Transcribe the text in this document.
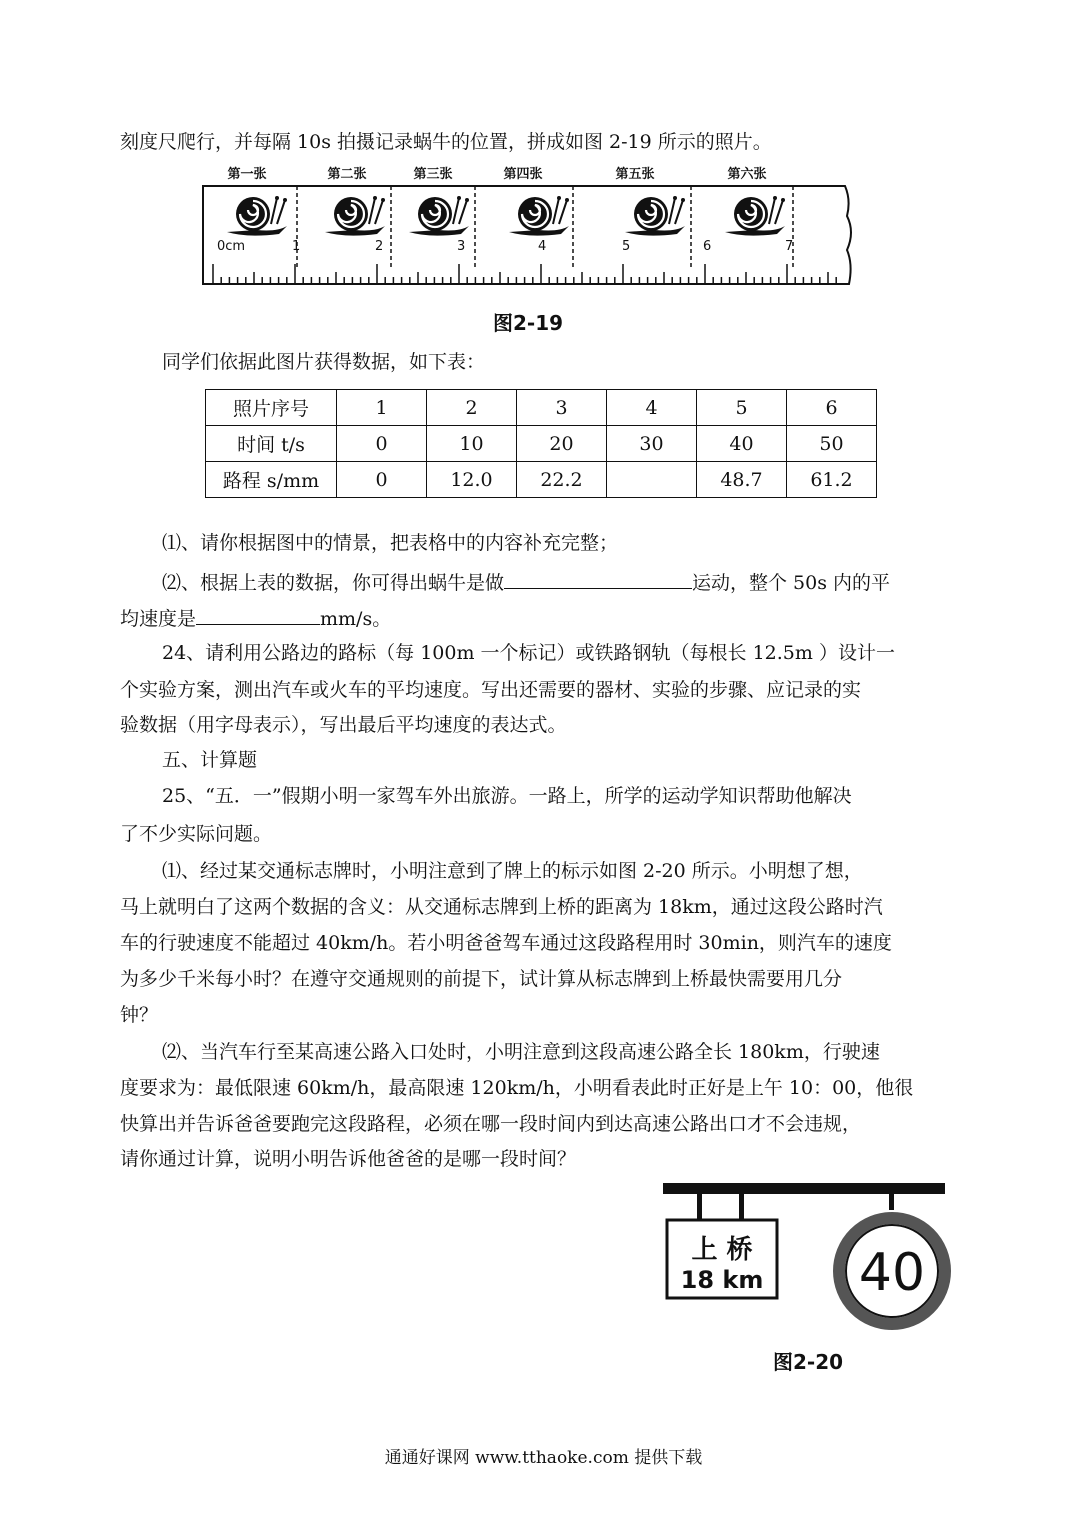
刻度尺爬行，并每隔 10s 拍摄记录蜗牛的位置，拼成如图 2-19 所示的照片。
第一张	第二张	第三张	第四张	第五张	第六张
0cm	1	2	3	4	5	6	7
图2-19
同学们依据此图片获得数据，如下表：
照片序号	1	2	3	4	5	6
时间 t/s	0	10	20	30	40	50
路程 s/mm	0	12.0	22.2		48.7	61.2
⑴、请你根据图中的情景，把表格中的内容补充完整；
⑵、根据上表的数据，你可得出蜗牛是做	运动，整个 50s 内的平
均速度是	mm/s。
24、请利用公路边的路标（每 100m 一个标记）或铁路钢轨（每根长 12.5m ）设计一
个实验方案，测出汽车或火车的平均速度。写出还需要的器材、实验的步骤、应记录的实
验数据（用字母表示），写出最后平均速度的表达式。
五、计算题
25、“五．一”假期小明一家驾车外出旅游。一路上，所学的运动学知识帮助他解决
了不少实际问题。
⑴、经过某交通标志牌时，小明注意到了牌上的标示如图 2-20 所示。小明想了想，
马上就明白了这两个数据的含义：从交通标志牌到上桥的距离为 18km，通过这段公路时汽
车的行驶速度不能超过 40km/h。若小明爸爸驾车通过这段路程用时 30min，则汽车的速度
为多少千米每小时？在遵守交通规则的前提下，试计算从标志牌到上桥最快需要用几分
钟？
⑵、当汽车行至某高速公路入口处时，小明注意到这段高速公路全长 180km，行驶速
度要求为：最低限速 60km/h，最高限速 120km/h，小明看表此时正好是上午 10：00，他很
快算出并告诉爸爸要跑完这段路程，必须在哪一段时间内到达高速公路出口才不会违规，
请你通过计算，说明小明告诉他爸爸的是哪一段时间？
上 桥
18 km 40
图2-20
通通好课网 www.tthaoke.com 提供下载
